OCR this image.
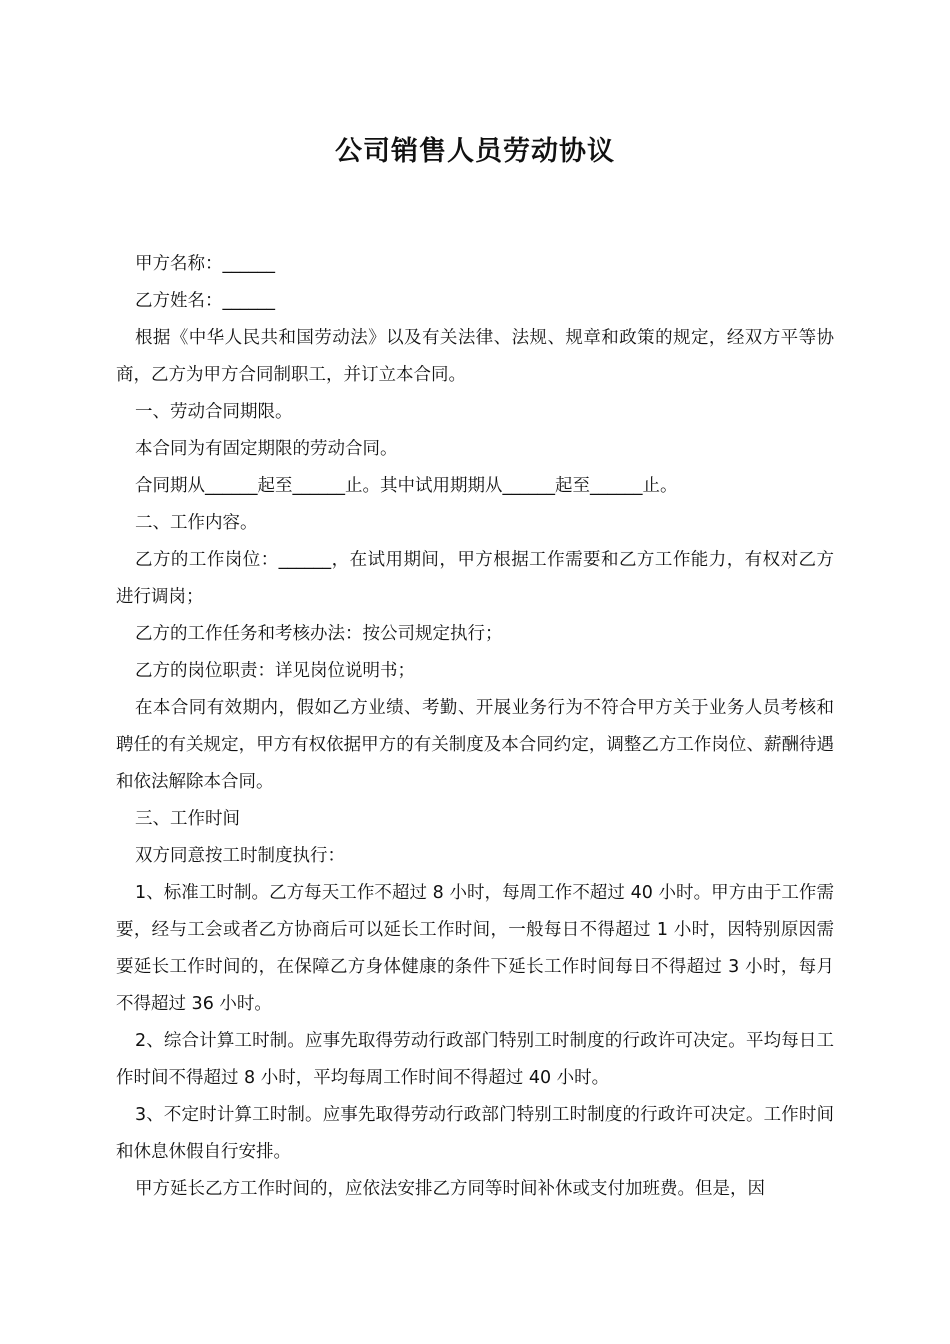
公司销售人员劳动协议

甲方名称：______

乙方姓名：______

根据《中华人民共和国劳动法》以及有关法律、法规、规章和政策的规定，经双方平等协商，乙方为甲方合同制职工，并订立本合同。

一、劳动合同期限。

本合同为有固定期限的劳动合同。

合同期从______起至______止。其中试用期期从______起至______止。

二、工作内容。

乙方的工作岗位：______，在试用期间，甲方根据工作需要和乙方工作能力，有权对乙方进行调岗；

乙方的工作任务和考核办法：按公司规定执行；

乙方的岗位职责：详见岗位说明书；

在本合同有效期内，假如乙方业绩、考勤、开展业务行为不符合甲方关于业务人员考核和聘任的有关规定，甲方有权依据甲方的有关制度及本合同约定，调整乙方工作岗位、薪酬待遇和依法解除本合同。

三、工作时间

双方同意按工时制度执行：

1、标准工时制。乙方每天工作不超过 8 小时，每周工作不超过 40 小时。甲方由于工作需要，经与工会或者乙方协商后可以延长工作时间，一般每日不得超过 1 小时，因特别原因需要延长工作时间的，在保障乙方身体健康的条件下延长工作时间每日不得超过 3 小时，每月不得超过 36 小时。

2、综合计算工时制。应事先取得劳动行政部门特别工时制度的行政许可决定。平均每日工作时间不得超过 8 小时，平均每周工作时间不得超过 40 小时。

3、不定时计算工时制。应事先取得劳动行政部门特别工时制度的行政许可决定。工作时间和休息休假自行安排。

甲方延长乙方工作时间的，应依法安排乙方同等时间补休或支付加班费。但是，因
